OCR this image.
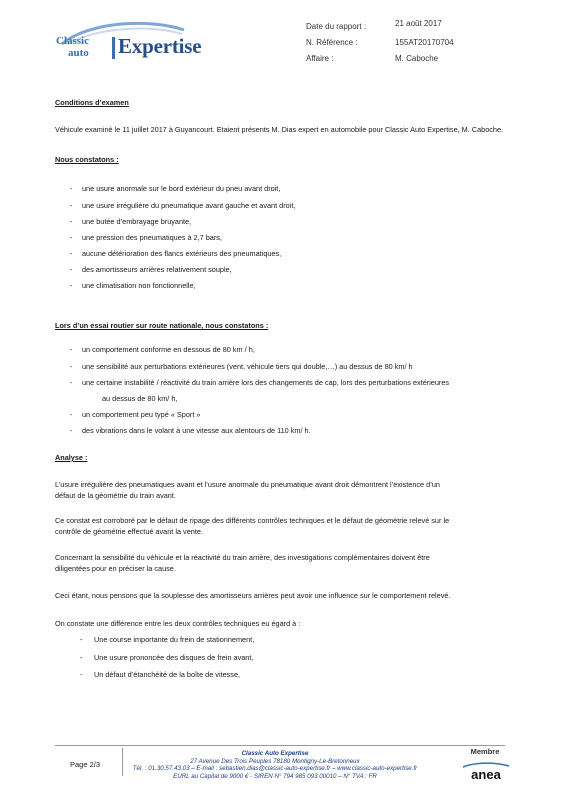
Classic
auto Expertise
Date du rapport :	21 août 2017
N. Référence :	155AT20170704
Affaire :	M. Caboche
Conditions d’examen
Véhicule examiné le 11 juillet 2017 à Guyancourt. Etaient présents M. Dias expert en automobile pour Classic Auto Expertise, M. Caboche.
Nous constatons :
- une usure anormale sur le bord extérieur du pneu avant droit,
- une usure irrégulière du pneumatique avant gauche et avant droit,
- une butée d’embrayage bruyante,
- une pression des pneumatiques à 2,7 bars,
- aucune détérioration des flancs extérieurs des pneumatiques,
- des amortisseurs arrières relativement souple,
- une climatisation non fonctionnelle,
Lors d’un essai routier sur route nationale, nous constatons :
- un comportement conforme en dessous de 80 km / h,
- une sensibilité aux perturbations extérieures (vent, véhicule tiers qui double,…) au dessus de 80 km/ h
- une certaine instabilité / réactivité du train arrière lors des changements de cap, lors des perturbations extérieures
au dessus de 80 km/ h,
- un comportement peu typé « Sport »
- des vibrations dans le volant à une vitesse aux alentours de 110 km/ h.
Analyse :
L’usure irrégulière des pneumatiques avant et l’usure anormale du pneumatique avant droit démontrent l’existence d’un
défaut de la géométrie du train avant.
Ce constat est corroboré par le défaut de ripage des différents contrôles techniques et le défaut de géométrie relevé sur le
contrôle de géométrie effectué avant la vente.
Concernant la sensibilité du véhicule et la réactivité du train arrière, des investigations complémentaires doivent être
diligentées pour en préciser la cause.
Ceci étant, nous pensons que la souplesse des amortisseurs arrières peut avoir une influence sur le comportement relevé.
On constate une différence entre les deux contrôles techniques eu égard à :
- Une course importante du frein de stationnement,
- Une usure prononcée des disques de frein avant,
- Un défaut d’étanchéité de la boîte de vitesse,
Page 2/3
Classic Auto Expertise
27 Avenue Des Trois Peuples 78180 Montigny-Le-Bretonneux
Tél. : 01.30.57.43.03 – E-mail : sebastien.dias@classic-auto-expertise.fr – www.classic-auto-expertise.fr
EURL au Capital de 9000 € - SIREN N° 794 985 093 00010 – N° TVA : FR
Membre
anea
